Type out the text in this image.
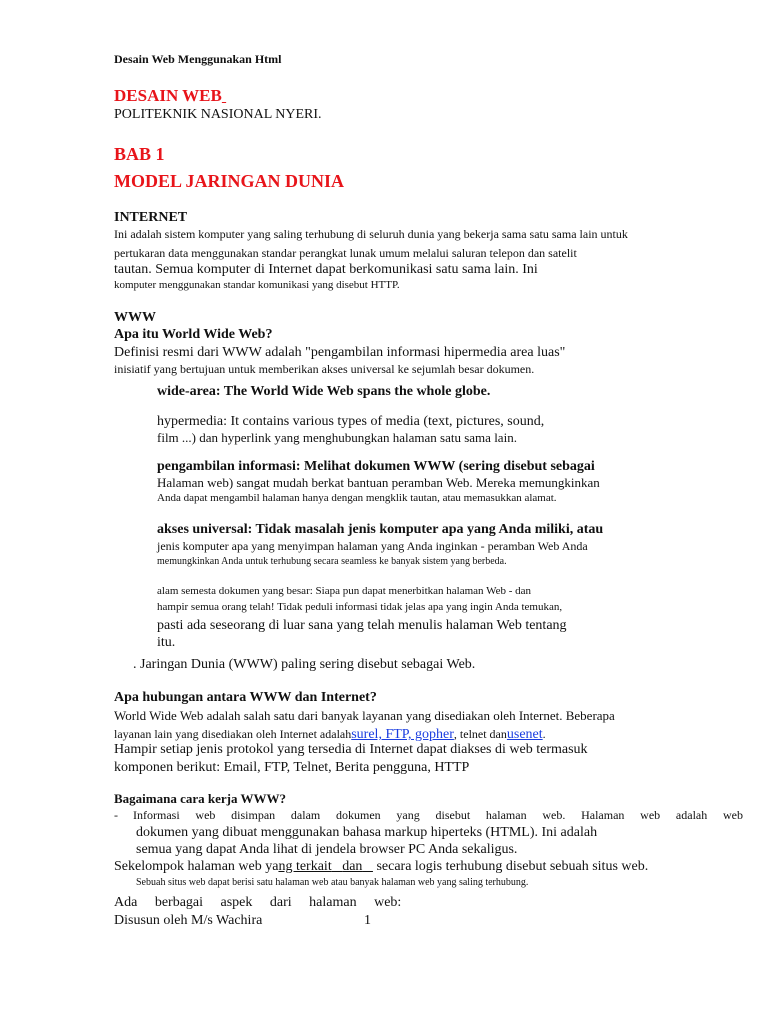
Desain Web Menggunakan Html
DESAIN WEB
POLITEKNIK NASIONAL NYERI.
BAB 1
MODEL JARINGAN DUNIA
INTERNET
Ini adalah sistem komputer yang saling terhubung di seluruh dunia yang bekerja sama satu sama lain untuk
pertukaran data menggunakan standar perangkat lunak umum melalui saluran telepon dan satelit
tautan. Semua komputer di Internet dapat berkomunikasi satu sama lain. Ini
komputer menggunakan standar komunikasi yang disebut HTTP.
WWW
Apa itu World Wide Web?
Definisi resmi dari WWW adalah "pengambilan informasi hipermedia area luas"
inisiatif yang bertujuan untuk memberikan akses universal ke sejumlah besar dokumen.
wide-area: The World Wide Web spans the whole globe.
hypermedia: It contains various types of media (text, pictures, sound,
film ...) dan hyperlink yang menghubungkan halaman satu sama lain.
pengambilan informasi: Melihat dokumen WWW (sering disebut sebagai
Halaman web) sangat mudah berkat bantuan peramban Web. Mereka memungkinkan
Anda dapat mengambil halaman hanya dengan mengklik tautan, atau memasukkan alamat.
akses universal: Tidak masalah jenis komputer apa yang Anda miliki, atau
jenis komputer apa yang menyimpan halaman yang Anda inginkan - peramban Web Anda
memungkinkan Anda untuk terhubung secara seamless ke banyak sistem yang berbeda.
alam semesta dokumen yang besar: Siapa pun dapat menerbitkan halaman Web - dan
hampir semua orang telah! Tidak peduli informasi tidak jelas apa yang ingin Anda temukan,
pasti ada seseorang di luar sana yang telah menulis halaman Web tentang
itu.
. Jaringan Dunia (WWW) paling sering disebut sebagai Web.
Apa hubungan antara WWW dan Internet?
World Wide Web adalah salah satu dari banyak layanan yang disediakan oleh Internet. Beberapa
layanan lain yang disediakan oleh Internet adalahsurel, FTP, gopher, telnet danusenet.
Hampir setiap jenis protokol yang tersedia di Internet dapat diakses di web termasuk
komponen berikut: Email, FTP, Telnet, Berita pengguna, HTTP
Bagaimana cara kerja WWW?
- Informasi web disimpan dalam dokumen yang disebut halaman web. Halaman web adalah web
dokumen yang dibuat menggunakan bahasa markup hiperteks (HTML). Ini adalah
semua yang dapat Anda lihat di jendela browser PC Anda sekaligus.
Sekelompok halaman web yang terkait dan    secara logis terhubung disebut sebuah situs web.
Sebuah situs web dapat berisi satu halaman web atau banyak halaman web yang saling terhubung.
Ada berbagai aspek dari halaman web:
Disusun oleh M/s Wachira	1
